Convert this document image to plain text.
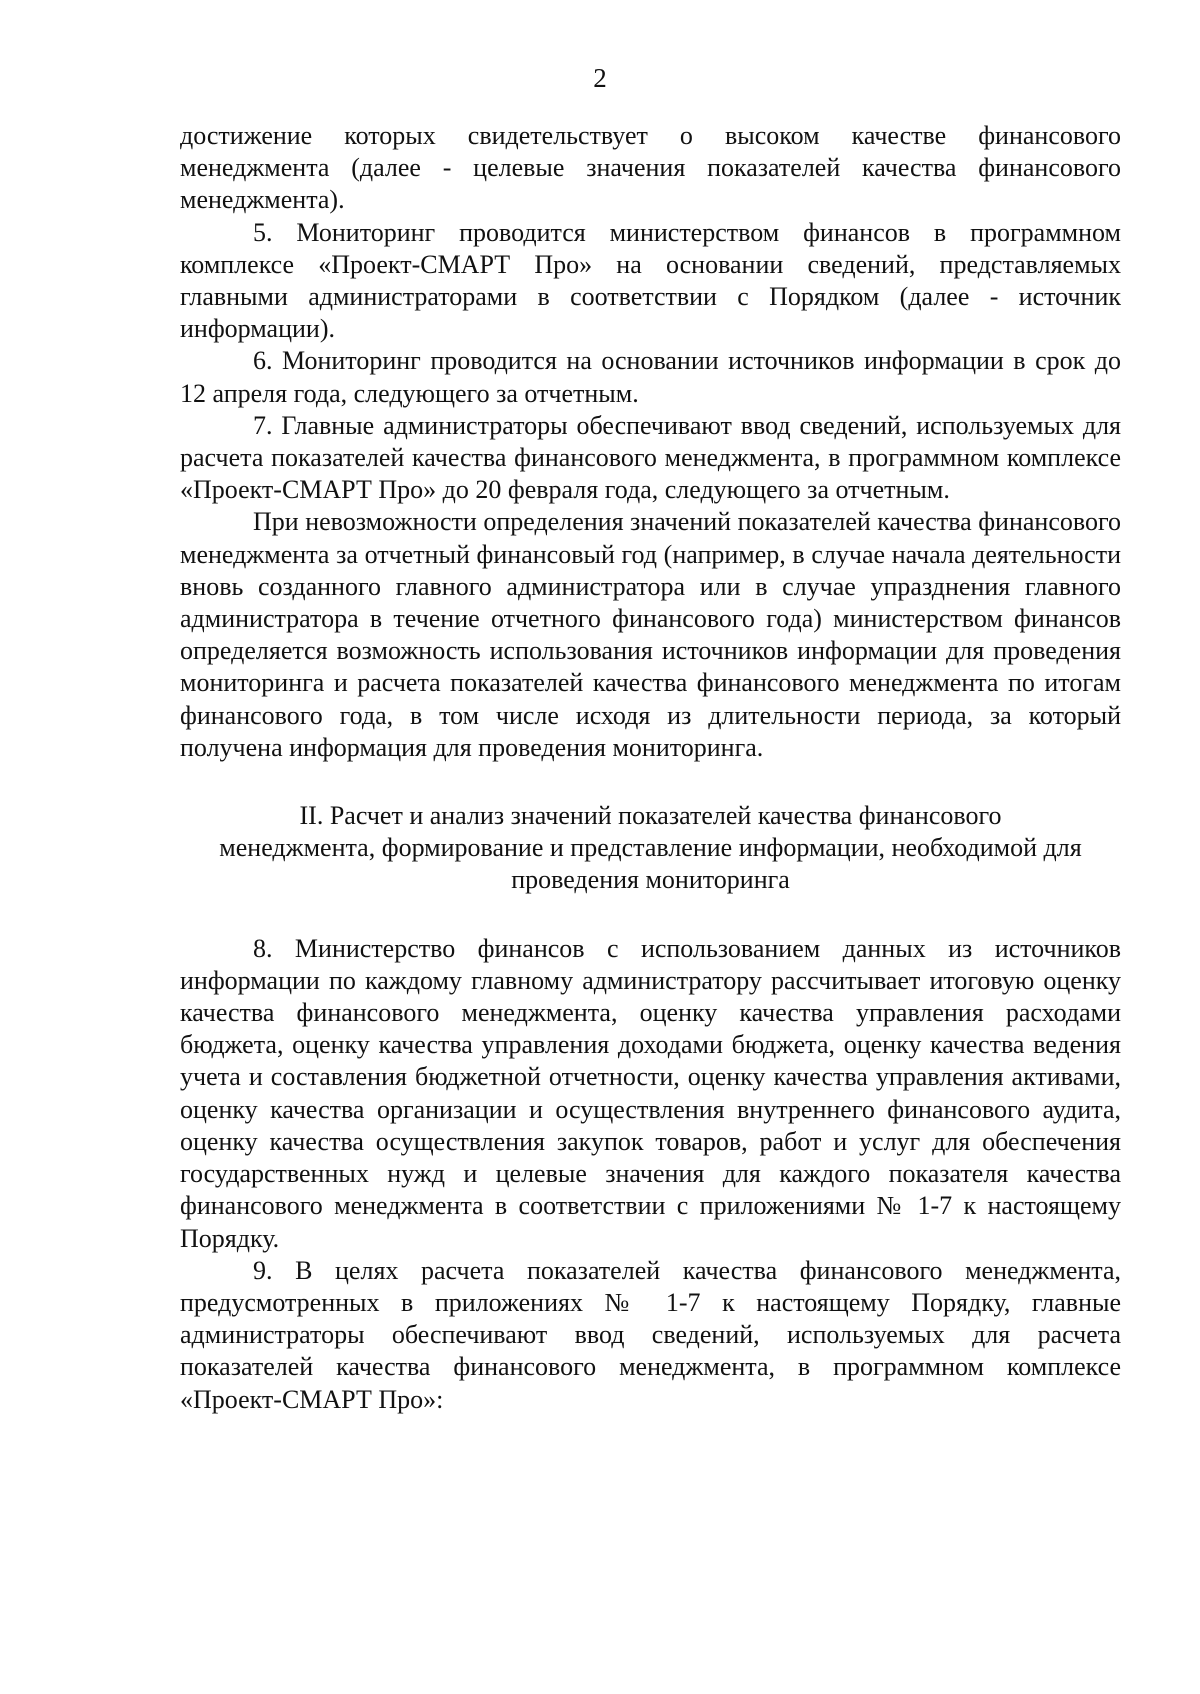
2

достижение которых свидетельствует о высоком качестве финансового менеджмента (далее - целевые значения показателей качества финансового менеджмента).

5. Мониторинг проводится министерством финансов в программном комплексе «Проект-СМАРТ Про» на основании сведений, представляемых главными администраторами в соответствии с Порядком (далее - источник информации).

6. Мониторинг проводится на основании источников информации в срок до 12 апреля года, следующего за отчетным.

7. Главные администраторы обеспечивают ввод сведений, используемых для расчета показателей качества финансового менеджмента, в программном комплексе «Проект-СМАРТ Про» до 20 февраля года, следующего за отчетным.

При невозможности определения значений показателей качества финансового менеджмента за отчетный финансовый год (например, в случае начала деятельности вновь созданного главного администратора или в случае упразднения главного администратора в течение отчетного финансового года) министерством финансов определяется возможность использования источников информации для проведения мониторинга и расчета показателей качества финансового менеджмента по итогам финансового года, в том числе исходя из длительности периода, за который получена информация для проведения мониторинга.

II. Расчет и анализ значений показателей качества финансового
менеджмента, формирование и представление информации, необходимой для
проведения мониторинга

8. Министерство финансов с использованием данных из источников информации по каждому главному администратору рассчитывает итоговую оценку качества финансового менеджмента, оценку качества управления расходами бюджета, оценку качества управления доходами бюджета, оценку качества ведения учета и составления бюджетной отчетности, оценку качества управления активами, оценку качества организации и осуществления внутреннего финансового аудита, оценку качества осуществления закупок товаров, работ и услуг для обеспечения государственных нужд и целевые значения для каждого показателя качества финансового менеджмента в соответствии с приложениями № 1-7 к настоящему Порядку.

9. В целях расчета показателей качества финансового менеджмента, предусмотренных в приложениях № 1-7 к настоящему Порядку, главные администраторы обеспечивают ввод сведений, используемых для расчета показателей качества финансового менеджмента, в программном комплексе «Проект-СМАРТ Про»:
